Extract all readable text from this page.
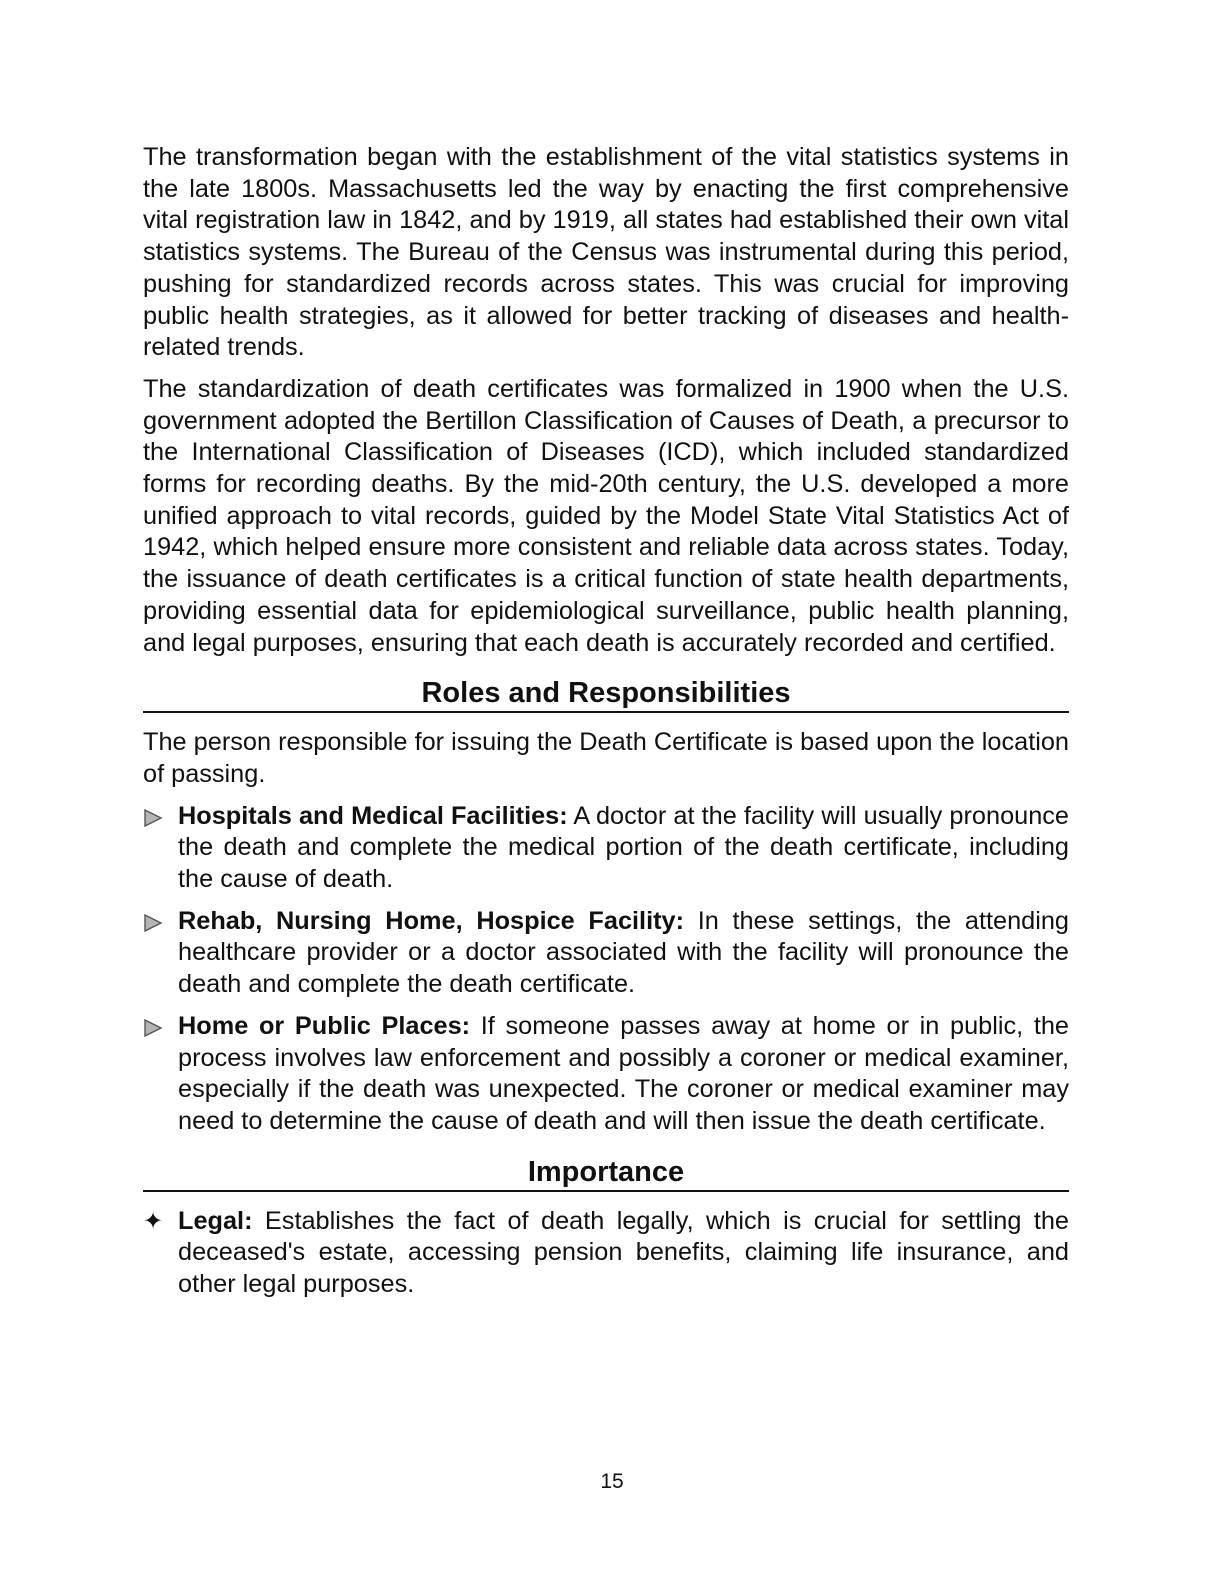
The transformation began with the establishment of the vital statistics systems in the late 1800s. Massachusetts led the way by enacting the first comprehensive vital registration law in 1842, and by 1919, all states had established their own vital statistics systems. The Bureau of the Census was instrumental during this period, pushing for standardized records across states. This was crucial for improving public health strategies, as it allowed for better tracking of diseases and health-related trends.

The standardization of death certificates was formalized in 1900 when the U.S. government adopted the Bertillon Classification of Causes of Death, a precursor to the International Classification of Diseases (ICD), which included standardized forms for recording deaths. By the mid-20th century, the U.S. developed a more unified approach to vital records, guided by the Model State Vital Statistics Act of 1942, which helped ensure more consistent and reliable data across states. Today, the issuance of death certificates is a critical function of state health departments, providing essential data for epidemiological surveillance, public health planning, and legal purposes, ensuring that each death is accurately recorded and certified.

Roles and Responsibilities

The person responsible for issuing the Death Certificate is based upon the location of passing.

Hospitals and Medical Facilities: A doctor at the facility will usually pronounce the death and complete the medical portion of the death certificate, including the cause of death.
Rehab, Nursing Home, Hospice Facility: In these settings, the attending healthcare provider or a doctor associated with the facility will pronounce the death and complete the death certificate.
Home or Public Places: If someone passes away at home or in public, the process involves law enforcement and possibly a coroner or medical examiner, especially if the death was unexpected. The coroner or medical examiner may need to determine the cause of death and will then issue the death certificate.
Importance
✦ Legal: Establishes the fact of death legally, which is crucial for settling the deceased's estate, accessing pension benefits, claiming life insurance, and other legal purposes.
15
